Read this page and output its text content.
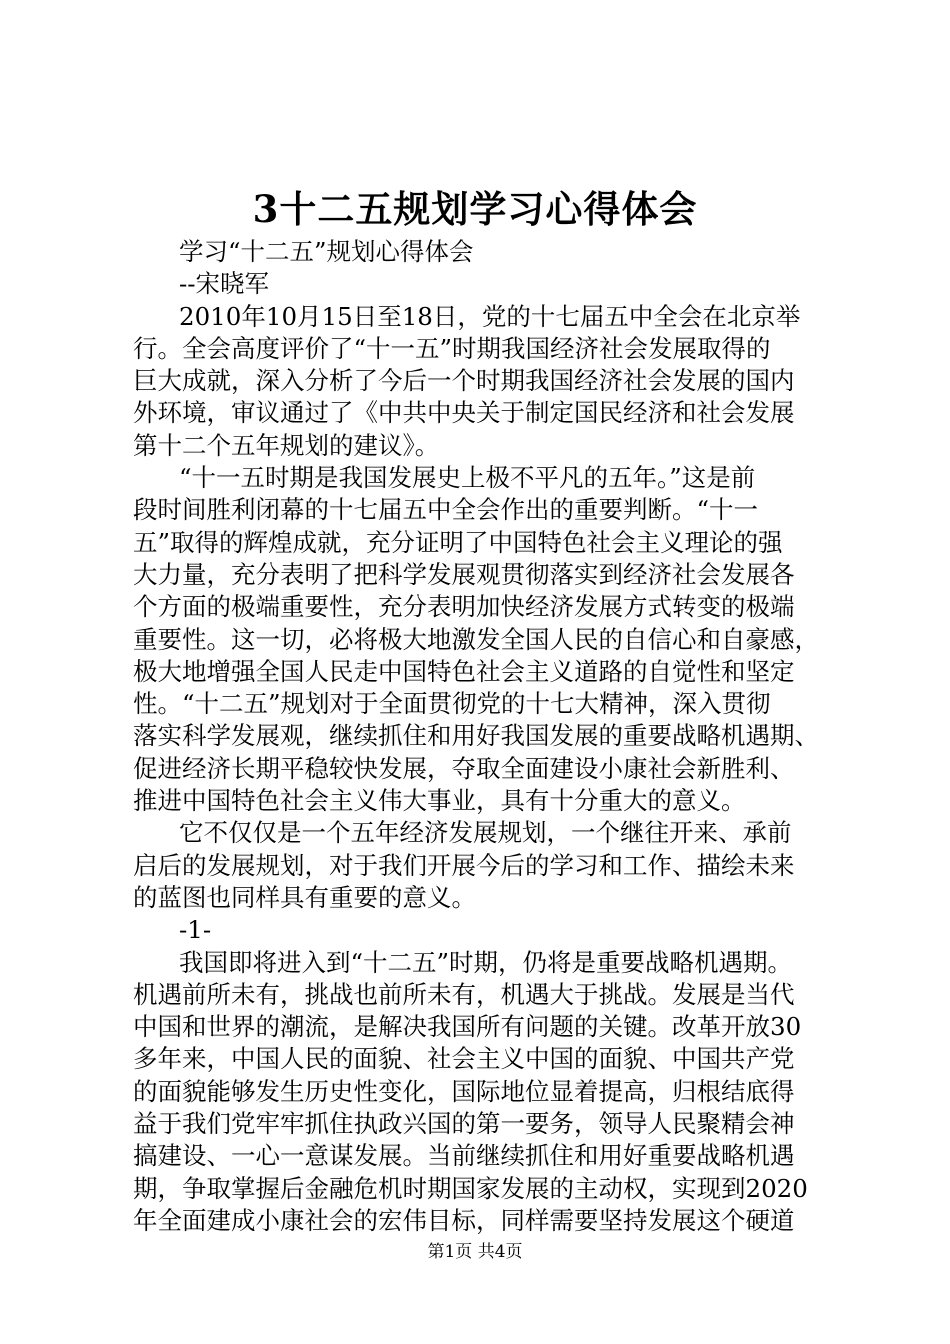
3十二五规划学习心得体会
学习“十二五”规划心得体会
--宋晓军
2010年10月15日至18日，党的十七届五中全会在北京举
行。全会高度评价了“十一五”时期我国经济社会发展取得的
巨大成就，深入分析了今后一个时期我国经济社会发展的国内
外环境，审议通过了《中共中央关于制定国民经济和社会发展
第十二个五年规划的建议》。
“十一五时期是我国发展史上极不平凡的五年。”这是前
段时间胜利闭幕的十七届五中全会作出的重要判断。“十一
五”取得的辉煌成就，充分证明了中国特色社会主义理论的强
大力量，充分表明了把科学发展观贯彻落实到经济社会发展各
个方面的极端重要性，充分表明加快经济发展方式转变的极端
重要性。这一切，必将极大地激发全国人民的自信心和自豪感，
极大地增强全国人民走中国特色社会主义道路的自觉性和坚定
性。“十二五”规划对于全面贯彻党的十七大精神，深入贯彻
落实科学发展观，继续抓住和用好我国发展的重要战略机遇期、
促进经济长期平稳较快发展，夺取全面建设小康社会新胜利、
推进中国特色社会主义伟大事业，具有十分重大的意义。
它不仅仅是一个五年经济发展规划，一个继往开来、承前
启后的发展规划，对于我们开展今后的学习和工作、描绘未来
的蓝图也同样具有重要的意义。
-1-
我国即将进入到“十二五”时期，仍将是重要战略机遇期。
机遇前所未有，挑战也前所未有，机遇大于挑战。发展是当代
中国和世界的潮流，是解决我国所有问题的关键。改革开放30
多年来，中国人民的面貌、社会主义中国的面貌、中国共产党
的面貌能够发生历史性变化，国际地位显着提高，归根结底得
益于我们党牢牢抓住执政兴国的第一要务，领导人民聚精会神
搞建设、一心一意谋发展。当前继续抓住和用好重要战略机遇
期，争取掌握后金融危机时期国家发展的主动权，实现到2020
年全面建成小康社会的宏伟目标，同样需要坚持发展这个硬道
第1页 共4页
